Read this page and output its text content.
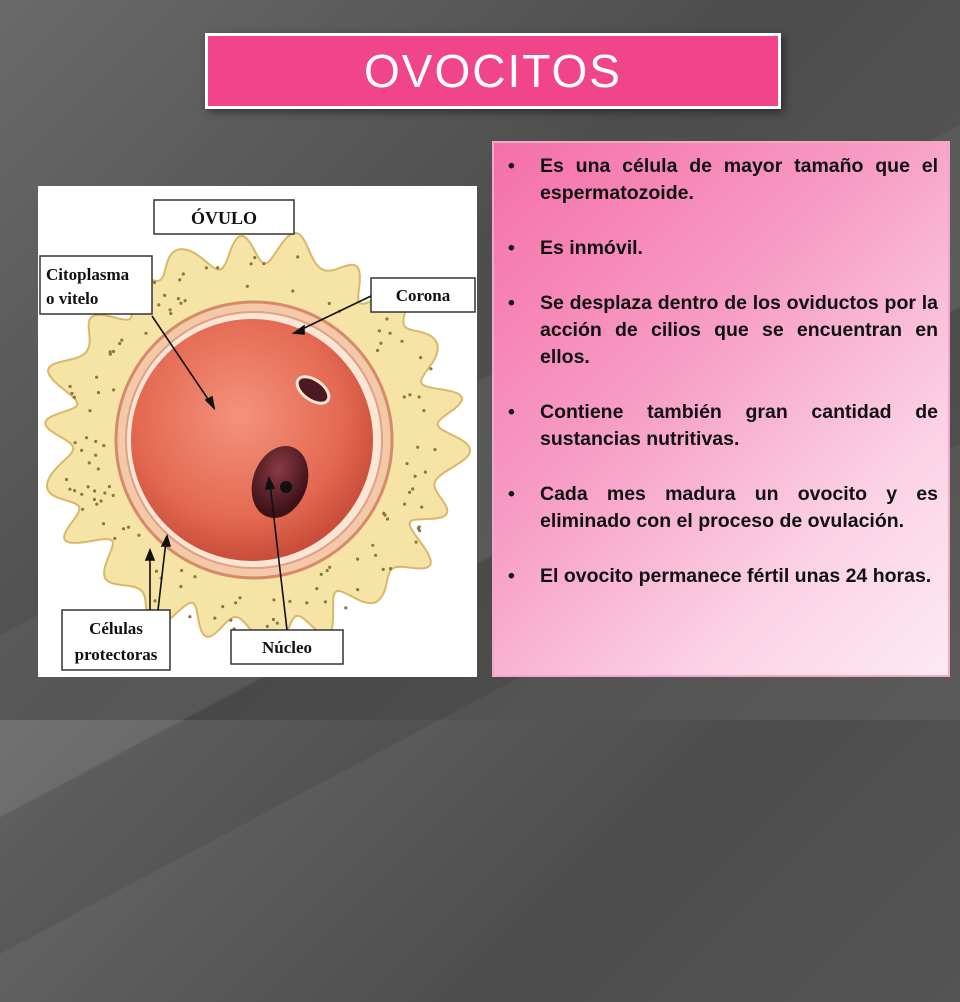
OVOCITOS
ÓVULO
Citoplasma
o vitelo	Corona
Células
protectoras	Núcleo
• Es una célula de mayor tamaño que el espermatozoide.
• Es inmóvil.
• Se desplaza dentro de los oviductos por la acción de cilios que se encuentran en ellos.
• Contiene también gran cantidad de sustancias nutritivas.
• Cada mes madura un ovocito y es eliminado con el proceso de ovulación.
• El ovocito permanece fértil unas 24 horas.
